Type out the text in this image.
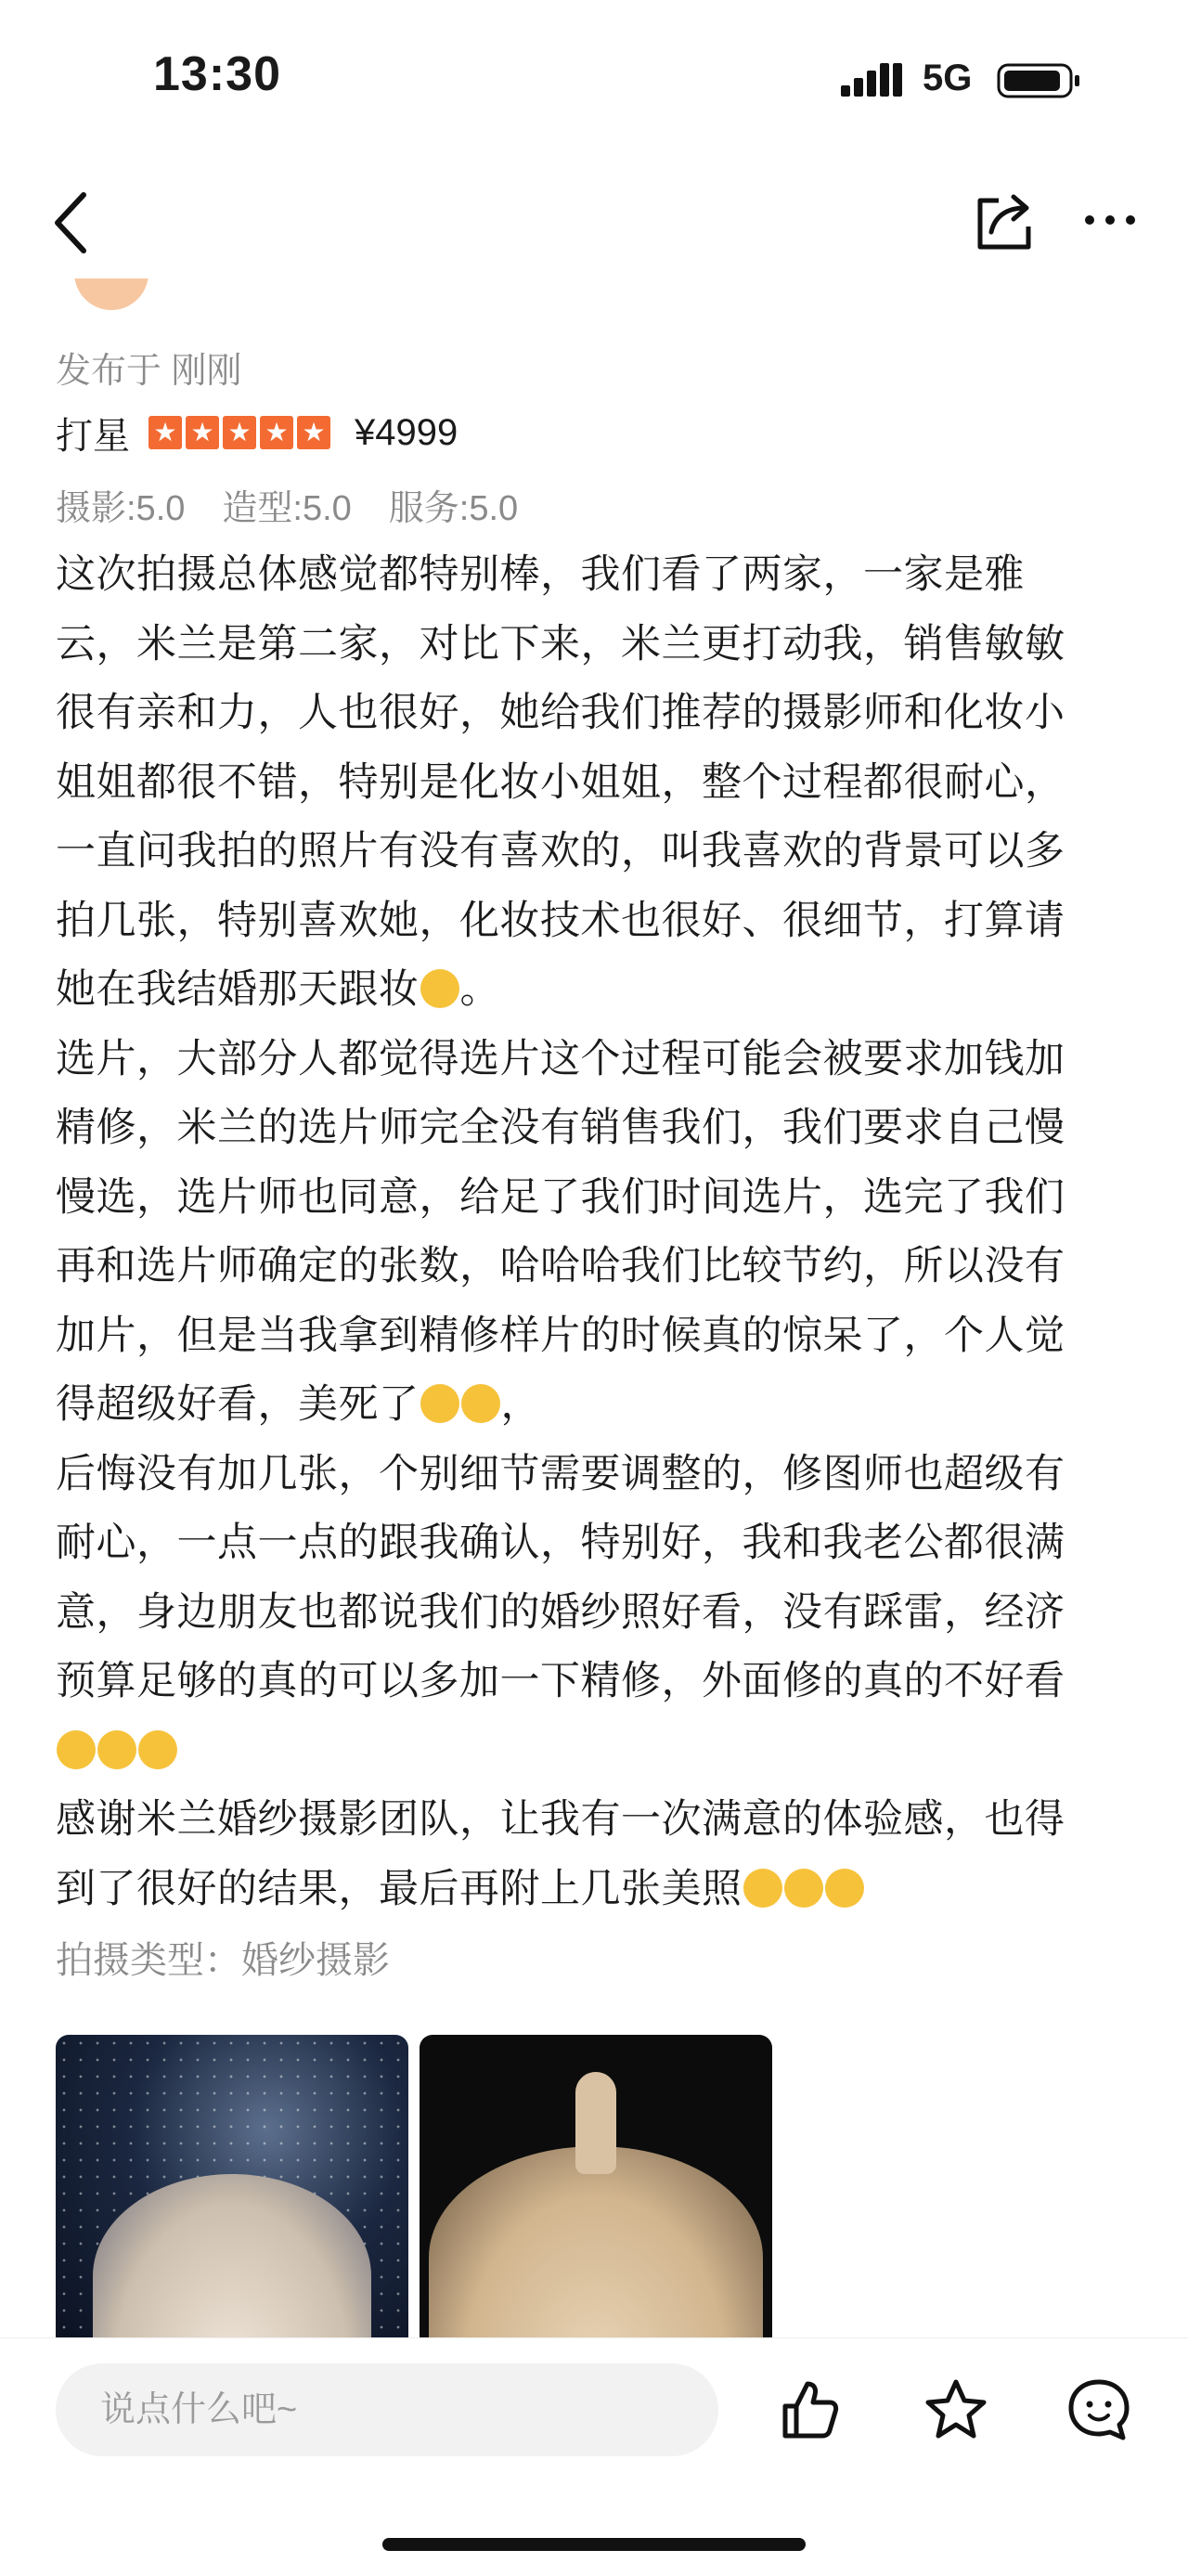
13:30	5G
发布于 刚刚
打星 ★ ★ ★ ★ ★ ¥4999
摄影:5.0 造型:5.0 服务:5.0
这次拍摄总体感觉都特别棒，我们看了两家，一家是雅云，米兰是第二家，对比下来，米兰更打动我，销售敏敏很有亲和力，人也很好，她给我们推荐的摄影师和化妆小姐姐都很不错，特别是化妆小姐姐，整个过程都很耐心，一直问我拍的照片有没有喜欢的，叫我喜欢的背景可以多拍几张，特别喜欢她，化妆技术也很好、很细节，打算请她在我结婚那天跟妆 。
选片，大部分人都觉得选片这个过程可能会被要求加钱加精修，米兰的选片师完全没有销售我们，我们要求自己慢慢选，选片师也同意，给足了我们时间选片，选完了我们再和选片师确定的张数，哈哈哈我们比较节约，所以没有加片，但是当我拿到精修样片的时候真的惊呆了，个人觉得超级好看，美死了 ，
后悔没有加几张，个别细节需要调整的，修图师也超级有耐心，一点一点的跟我确认，特别好，我和我老公都很满意，身边朋友也都说我们的婚纱照好看，没有踩雷，经济预算足够的真的可以多加一下精修，外面修的真的不好看
感谢米兰婚纱摄影团队，让我有一次满意的体验感，也得到了很好的结果，最后再附上几张美照
拍摄类型：婚纱摄影
说点什么吧~
